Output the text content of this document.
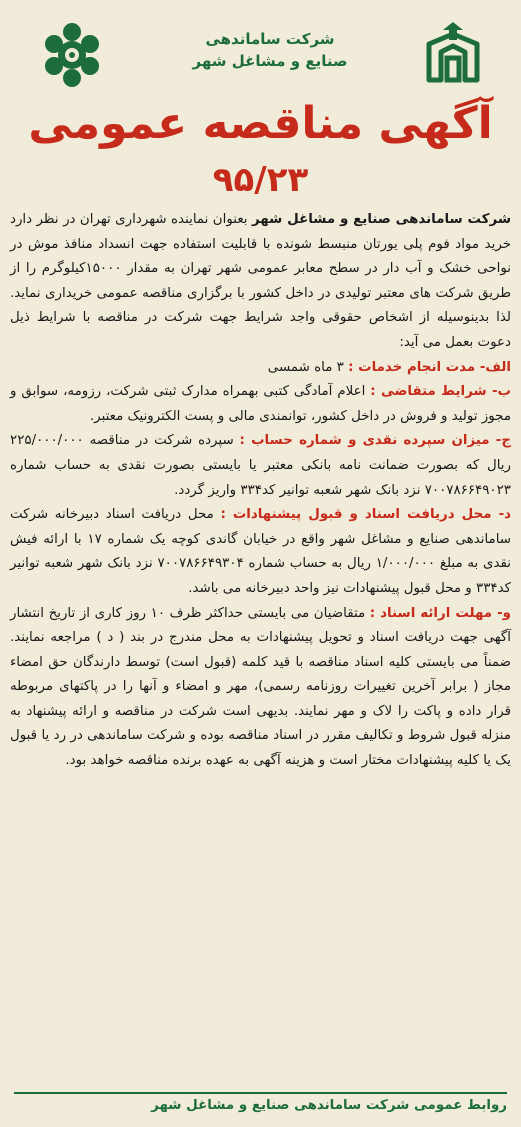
شرکت ساماندهی
صنایع و مشاغل شهر
آگهی مناقصه عمومی
۹۵/۲۳

شرکت ساماندهی صنایع و مشاغل شهر بعنوان نماینده شهرداری تهران در نظر دارد خرید مواد فوم پلی یورتان منبسط شونده با قابلیت استفاده جهت انسداد منافذ موش در نواحی خشک و آب دار در سطح معابر عمومی شهر تهران به مقدار ۱۵۰۰۰کیلوگرم را از طریق شرکت های معتبر تولیدی در داخل کشور با برگزاری مناقصه عمومی خریداری نماید. لذا بدینوسیله از اشخاص حقوقی واجد شرایط جهت شرکت در مناقصه با شرایط ذیل دعوت بعمل می آید:

الف- مدت انجام خدمات : ۳ ماه شمسی

ب- شرایط متقاضی : اعلام آمادگی کتبی بهمراه مدارک ثبتی شرکت، رزومه، سوابق و مجوز تولید و فروش در داخل کشور، توانمندی مالی و پست الکترونیک معتبر.

ج- میزان سپرده نقدی و شماره حساب : سپرده شرکت در مناقصه ۲۲۵/۰۰۰/۰۰۰ ریال که بصورت ضمانت نامه بانکی معتبر یا بایستی بصورت نقدی به حساب شماره ۷۰۰۷۸۶۶۴۹۰۲۳ نزد بانک شهر شعبه توانیر کد۳۳۴ واریز گردد.

د- محل دریافت اسناد و قبول پیشنهادات : محل دریافت اسناد دبیرخانه شرکت ساماندهی صنایع و مشاغل شهر واقع در خیابان گاندی کوچه یک شماره ۱۷ با ارائه فیش نقدی به مبلغ ۱/۰۰۰/۰۰۰ ریال به حساب شماره ۷۰۰۷۸۶۶۴۹۳۰۴ نزد بانک شهر شعبه توانیر کد۳۳۴ و محل قبول پیشنهادات نیز واحد دبیرخانه می باشد.

و- مهلت ارائه اسناد : متقاضیان می بایستی حداکثر ظرف ۱۰ روز کاری از تاریخ انتشار آگهی جهت دریافت اسناد و تحویل پیشنهادات به محل مندرج در بند ( د ) مراجعه نمایند. ضمناً می بایستی کلیه اسناد مناقصه با قید کلمه (قبول است) توسط دارندگان حق امضاء مجاز ( برابر آخرین تغییرات روزنامه رسمی)، مهر و امضاء و آنها را در پاکتهای مربوطه قرار داده و پاکت را لاک و مهر نمایند. بدیهی است شرکت در مناقصه و ارائه پیشنهاد به منزله قبول شروط و تکالیف مقرر در اسناد مناقصه بوده و شرکت ساماندهی در رد یا قبول یک یا کلیه پیشنهادات مختار است و هزینه آگهی به عهده برنده مناقصه خواهد بود.

روابط عمومی شرکت ساماندهی صنایع و مشاغل شهر
